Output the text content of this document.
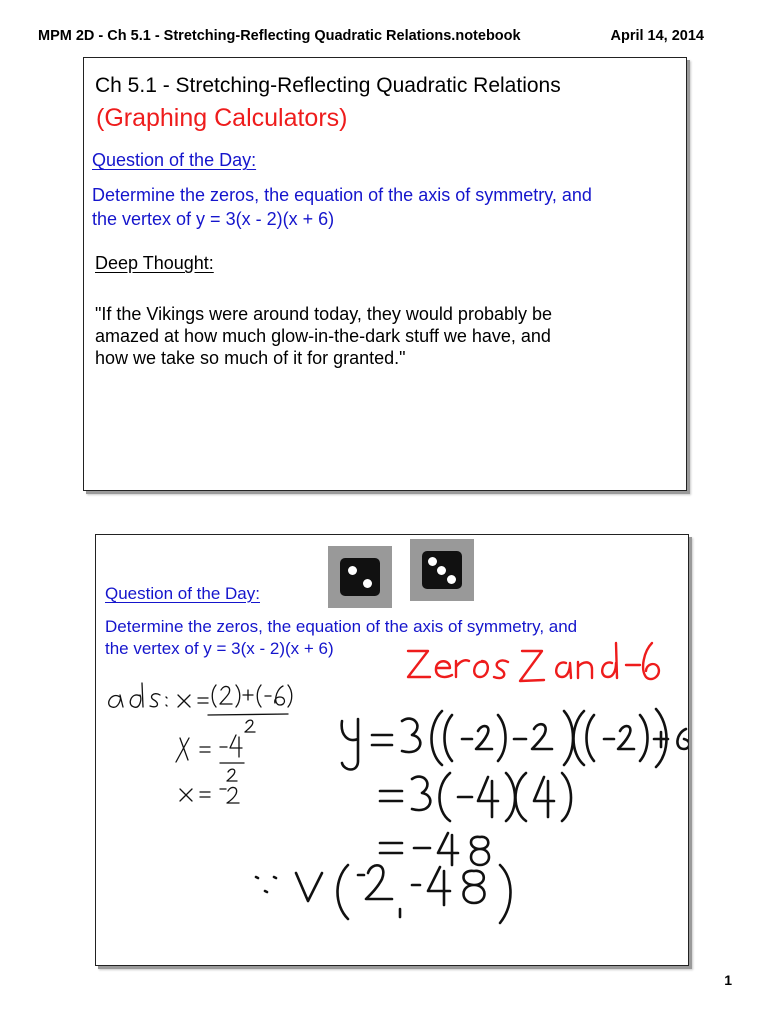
MPM 2D - Ch 5.1 - Stretching-Reflecting Quadratic Relations.notebook	April 14, 2014
Ch 5.1 - Stretching-Reflecting Quadratic Relations
(Graphing Calculators)
Question of the Day:
Determine the zeros, the equation of the axis of symmetry, and
the vertex of y = 3(x - 2)(x + 6)
Deep Thought:
"If the Vikings were around today, they would probably be
amazed at how much glow-in-the-dark stuff we have, and
how we take so much of it for granted."
Question of the Day:
Determine the zeros, the equation of the axis of symmetry, and
the vertex of y = 3(x - 2)(x + 6)
1
